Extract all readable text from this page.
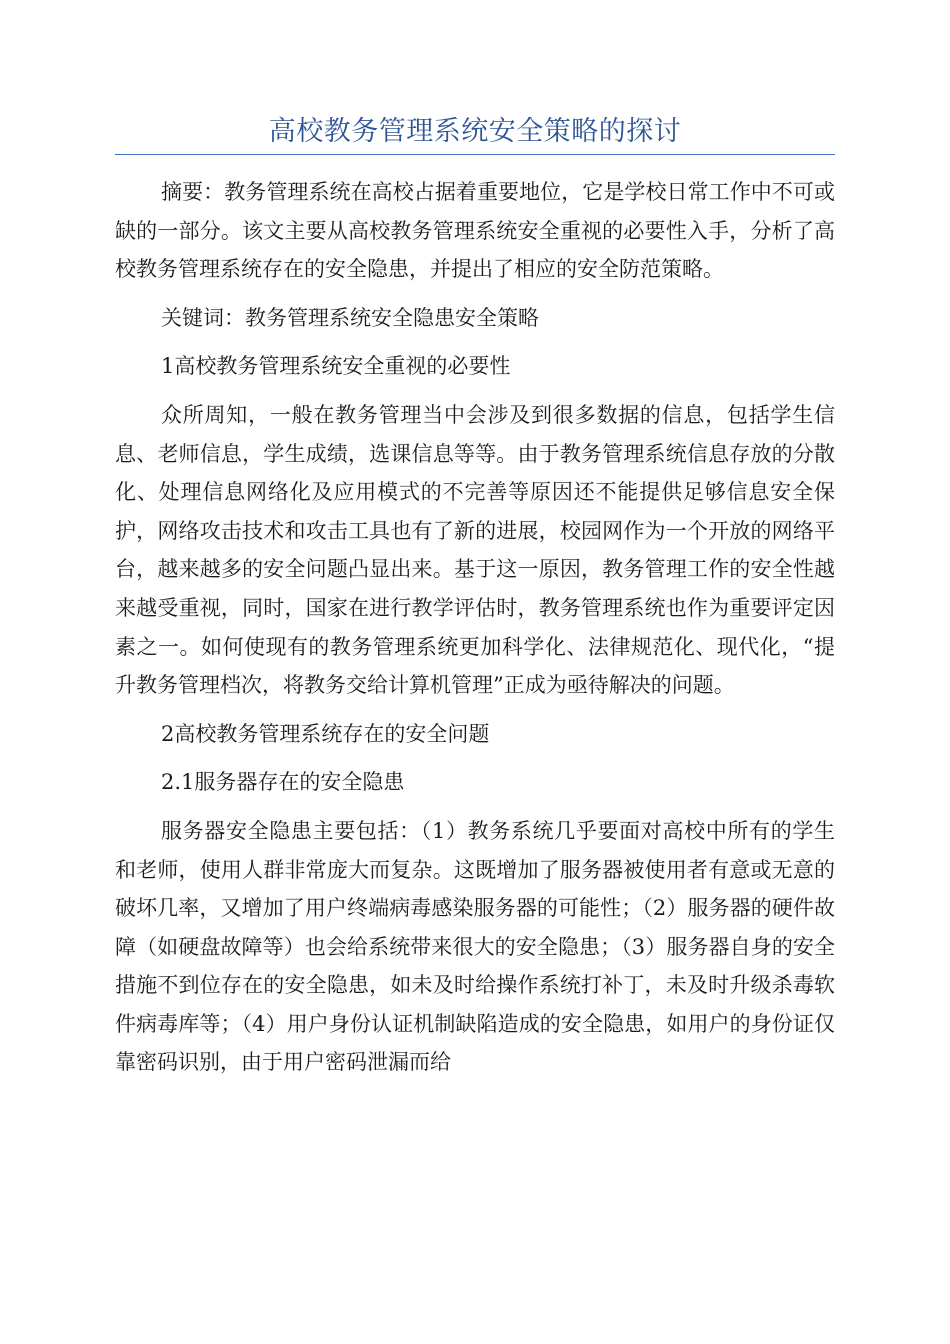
高校教务管理系统安全策略的探讨

摘要：教务管理系统在高校占据着重要地位，它是学校日常工作中不可或缺的一部分。该文主要从高校教务管理系统安全重视的必要性入手，分析了高校教务管理系统存在的安全隐患，并提出了相应的安全防范策略。

关键词：教务管理系统安全隐患安全策略

1高校教务管理系统安全重视的必要性

众所周知，一般在教务管理当中会涉及到很多数据的信息，包括学生信息、老师信息，学生成绩，选课信息等等。由于教务管理系统信息存放的分散化、处理信息网络化及应用模式的不完善等原因还不能提供足够信息安全保护，网络攻击技术和攻击工具也有了新的进展，校园网作为一个开放的网络平台，越来越多的安全问题凸显出来。基于这一原因，教务管理工作的安全性越来越受重视，同时，国家在进行教学评估时，教务管理系统也作为重要评定因素之一。如何使现有的教务管理系统更加科学化、法律规范化、现代化，“提升教务管理档次，将教务交给计算机管理”正成为亟待解决的问题。

2高校教务管理系统存在的安全问题

2.1服务器存在的安全隐患

服务器安全隐患主要包括：（1）教务系统几乎要面对高校中所有的学生和老师，使用人群非常庞大而复杂。这既增加了服务器被使用者有意或无意的破坏几率，又增加了用户终端病毒感染服务器的可能性；（2）服务器的硬件故障（如硬盘故障等）也会给系统带来很大的安全隐患；（3）服务器自身的安全措施不到位存在的安全隐患，如未及时给操作系统打补丁，未及时升级杀毒软件病毒库等；（4）用户身份认证机制缺陷造成的安全隐患，如用户的身份证仅靠密码识别，由于用户密码泄漏而给
